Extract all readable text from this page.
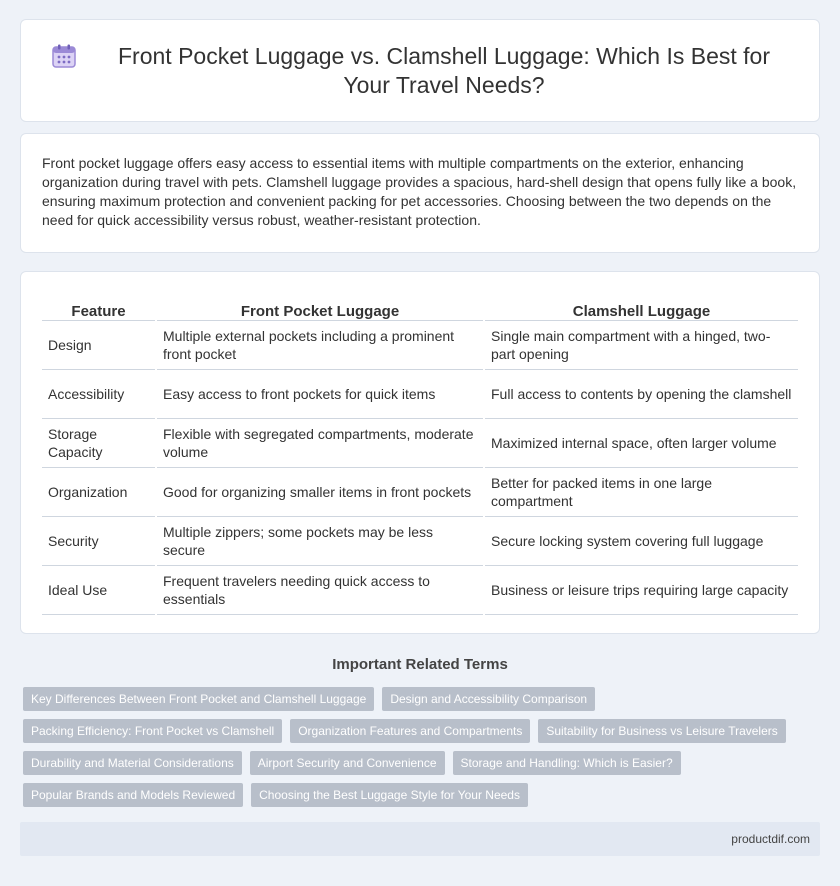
Front Pocket Luggage vs. Clamshell Luggage: Which Is Best for Your Travel Needs?

Front pocket luggage offers easy access to essential items with multiple compartments on the exterior, enhancing organization during travel with pets. Clamshell luggage provides a spacious, hard-shell design that opens fully like a book, ensuring maximum protection and convenient packing for pet accessories. Choosing between the two depends on the need for quick accessibility versus robust, weather-resistant protection.

Feature	Front Pocket Luggage	Clamshell Luggage
Design	Multiple external pockets including a prominent front pocket	Single main compartment with a hinged, two-part opening
Accessibility	Easy access to front pockets for quick items	Full access to contents by opening the clamshell
Storage Capacity	Flexible with segregated compartments, moderate volume	Maximized internal space, often larger volume
Organization	Good for organizing smaller items in front pockets	Better for packed items in one large compartment
Security	Multiple zippers; some pockets may be less secure	Secure locking system covering full luggage
Ideal Use	Frequent travelers needing quick access to essentials	Business or leisure trips requiring large capacity
Important Related Terms
Key Differences Between Front Pocket and Clamshell Luggage	Design and Accessibility Comparison
Packing Efficiency: Front Pocket vs Clamshell	Organization Features and Compartments	Suitability for Business vs Leisure Travelers
Durability and Material Considerations	Airport Security and Convenience	Storage and Handling: Which is Easier?
Popular Brands and Models Reviewed	Choosing the Best Luggage Style for Your Needs
productdif.com
